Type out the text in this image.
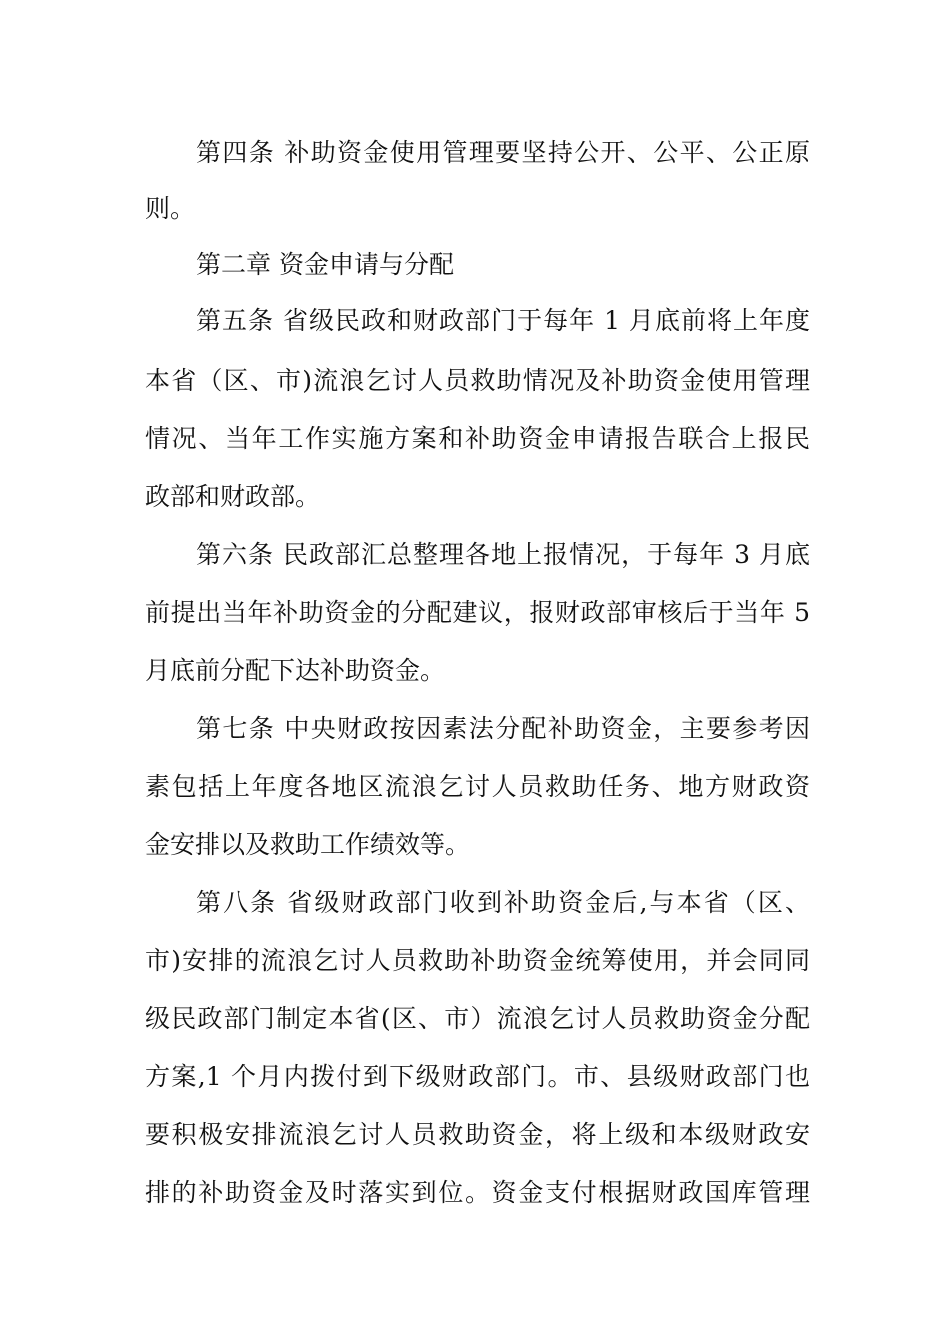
第四条 补助资金使用管理要坚持公开、公平、公正原
则。
第二章 资金申请与分配
第五条 省级民政和财政部门于每年 1 月底前将上年度
本省（区、市)流浪乞讨人员救助情况及补助资金使用管理
情况、当年工作实施方案和补助资金申请报告联合上报民
政部和财政部。
第六条 民政部汇总整理各地上报情况，于每年 3 月底
前提出当年补助资金的分配建议，报财政部审核后于当年 5
月底前分配下达补助资金。
第七条 中央财政按因素法分配补助资金，主要参考因
素包括上年度各地区流浪乞讨人员救助任务、地方财政资
金安排以及救助工作绩效等。
第八条 省级财政部门收到补助资金后,与本省（区、
市)安排的流浪乞讨人员救助补助资金统筹使用，并会同同
级民政部门制定本省(区、市）流浪乞讨人员救助资金分配
方案,1 个月内拨付到下级财政部门。市、县级财政部门也
要积极安排流浪乞讨人员救助资金，将上级和本级财政安
排的补助资金及时落实到位。资金支付根据财政国库管理
